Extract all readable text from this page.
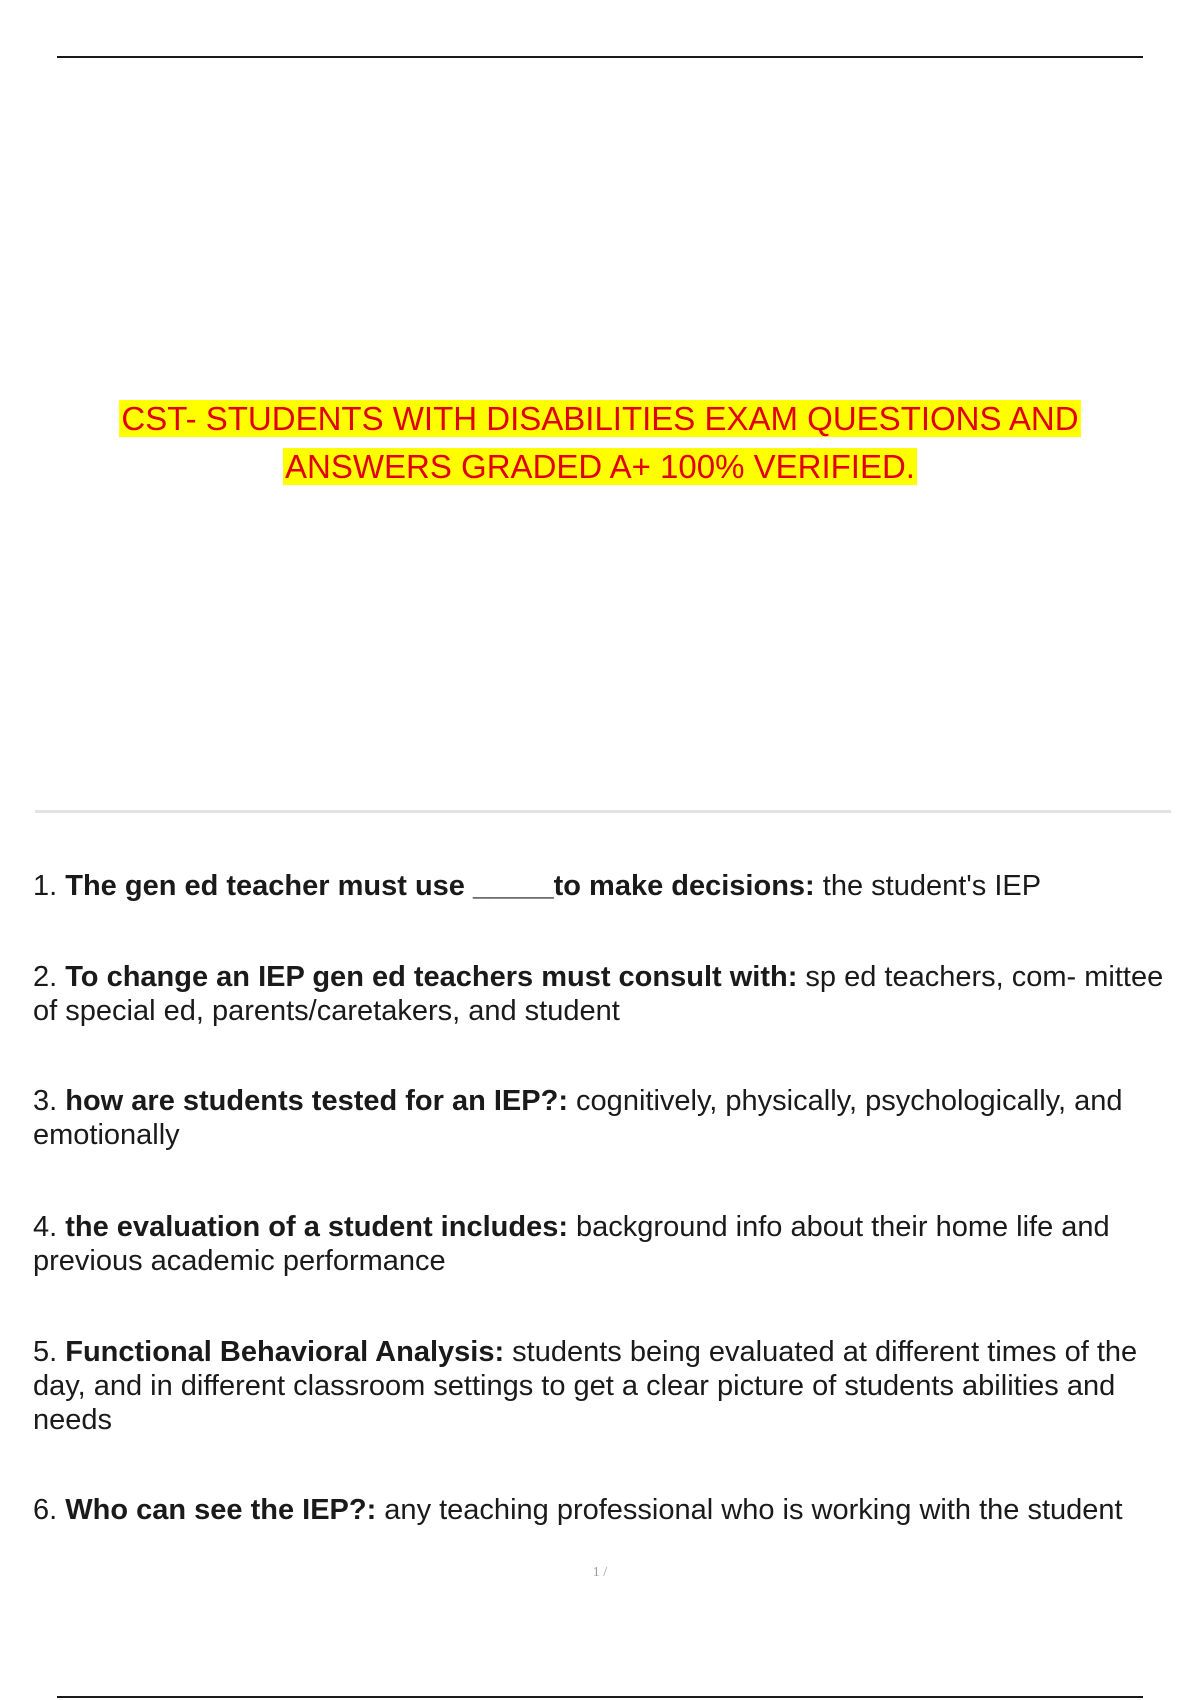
CST- STUDENTS WITH DISABILITIES EXAM QUESTIONS AND
ANSWERS GRADED A+ 100% VERIFIED.
1. The gen ed teacher must use _____to make decisions: the student's IEP
2. To change an IEP gen ed teachers must consult with: sp ed teachers, com- mittee of special ed, parents/caretakers, and student
3. how are students tested for an IEP?: cognitively, physically, psychologically, and emotionally
4. the evaluation of a student includes: background info about their home life and previous academic performance
5. Functional Behavioral Analysis: students being evaluated at different times of the day, and in different classroom settings to get a clear picture of students abilities and needs
6. Who can see the IEP?: any teaching professional who is working with the student
1 /
